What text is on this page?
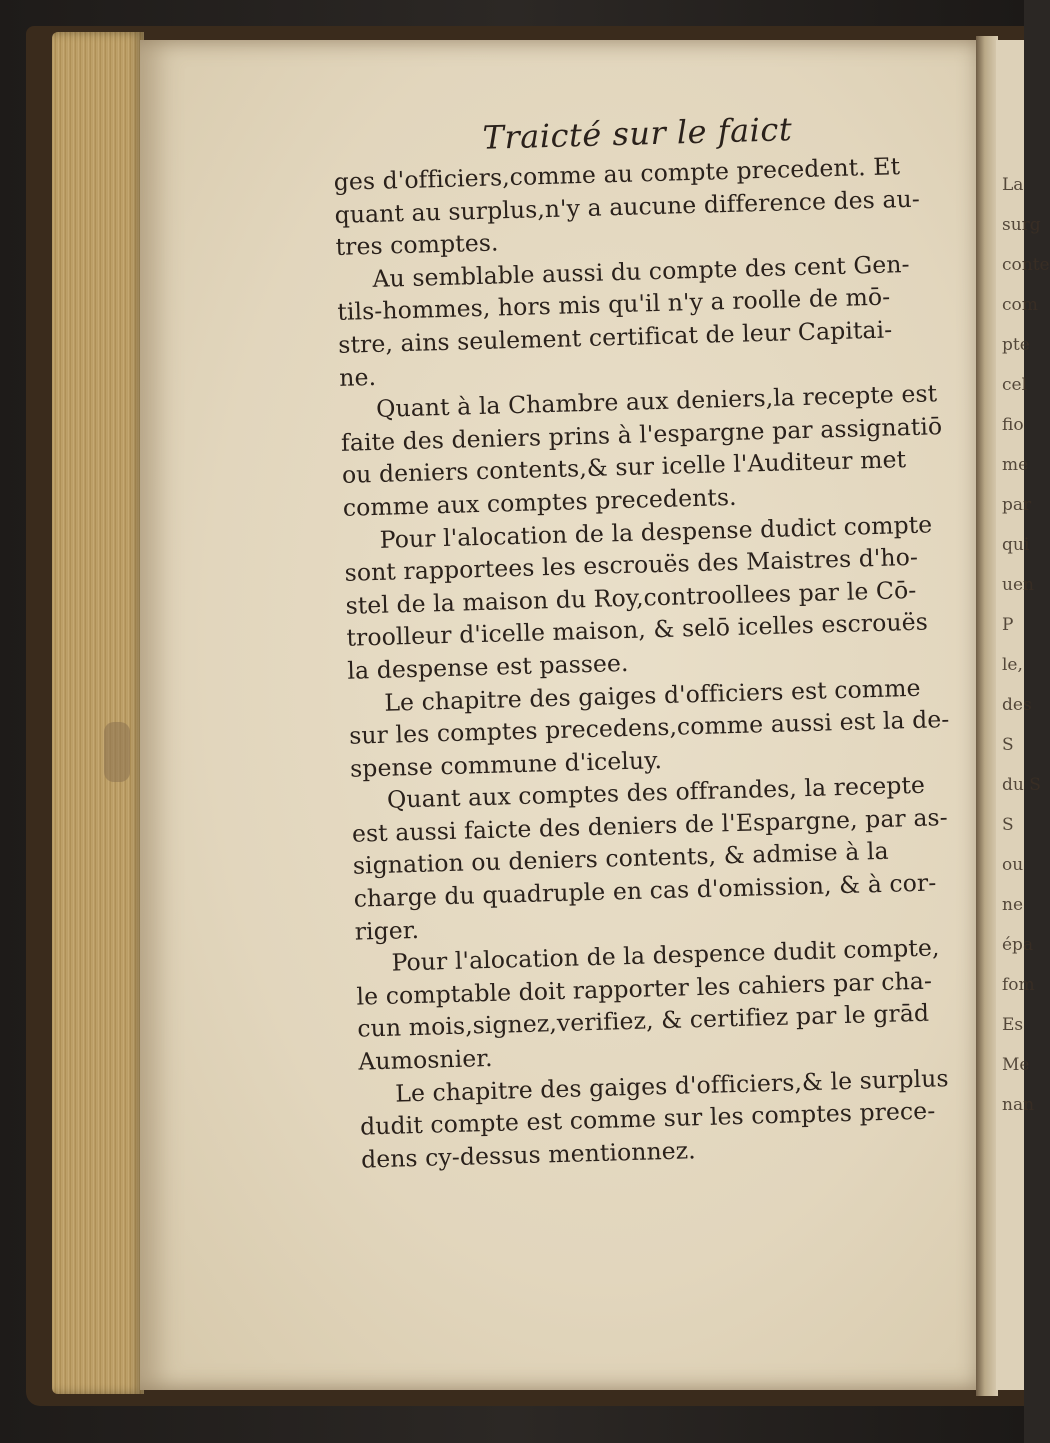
La
surg
conte
com
pte
cel
fio
me
par
qui
uen
P
le,
des
S
du S
S
ou
ne
épa
fom
Es
Me
nan
Traicté sur le faict
ges d'officiers,comme au compte precedent. Et
quant au surplus,n'y a aucune difference des au-
tres comptes.
Au semblable aussi du compte des cent Gen-
tils-hommes, hors mis qu'il n'y a roolle de mō-
stre, ains seulement certificat de leur Capitai-
ne.
Quant à la Chambre aux deniers,la recepte est
faite des deniers prins à l'espargne par assignatiō
ou deniers contents,& sur icelle l'Auditeur met
comme aux comptes precedents.
Pour l'alocation de la despense dudict compte
sont rapportees les escrouës des Maistres d'ho-
stel de la maison du Roy,controollees par le Cō-
troolleur d'icelle maison, & selō icelles escrouës
la despense est passee.
Le chapitre des gaiges d'officiers est comme
sur les comptes precedens,comme aussi est la de-
spense commune d'iceluy.
Quant aux comptes des offrandes, la recepte
est aussi faicte des deniers de l'Espargne, par as-
signation ou deniers contents, & admise à la
charge du quadruple en cas d'omission, & à cor-
riger.
Pour l'alocation de la despence dudit compte,
le comptable doit rapporter les cahiers par cha-
cun mois,signez,verifiez, & certifiez par le grād
Aumosnier.
Le chapitre des gaiges d'officiers,& le surplus
dudit compte est comme sur les comptes prece-
dens cy-dessus mentionnez.
